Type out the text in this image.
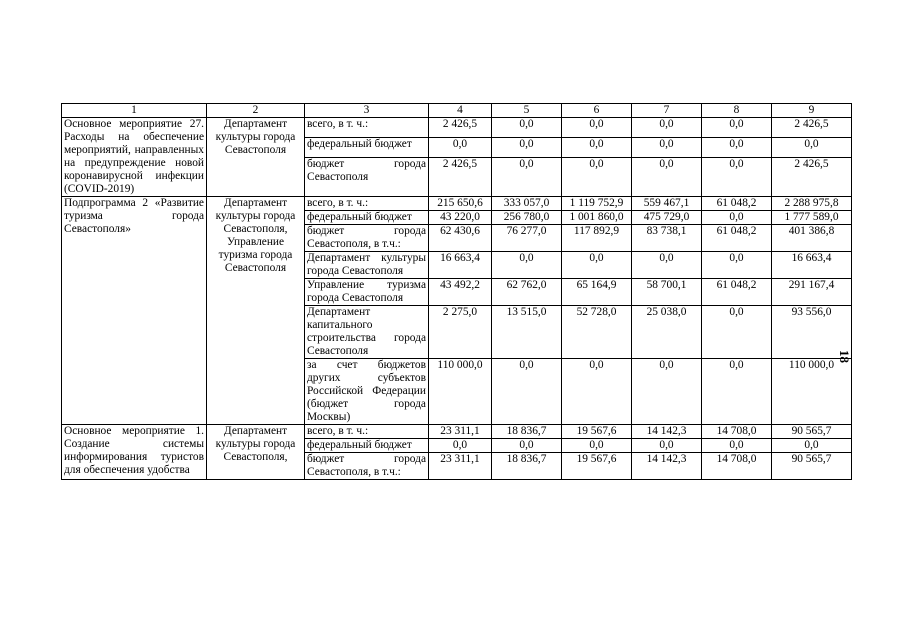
1	2	3	4	5	6	7	8	9
Основное мероприятие 27. Расходы на обеспечение мероприятий, направленных на предупреждение новой коронавирусной инфекции (COVID-2019)	Департамент культуры города Севастополя	всего, в т. ч.:	2 426,5	0,0	0,0	0,0	0,0	2 426,5
		федеральный бюджет	0,0	0,0	0,0	0,0	0,0	0,0
		бюджет города Севастополя	2 426,5	0,0	0,0	0,0	0,0	2 426,5
Подпрограмма 2 «Развитие туризма города Севастополя»	Департамент культуры города Севастополя, Управление туризма города Севастополя	всего, в т. ч.:	215 650,6	333 057,0	1 119 752,9	559 467,1	61 048,2	2 288 975,8
		федеральный бюджет	43 220,0	256 780,0	1 001 860,0	475 729,0	0,0	1 777 589,0
		бюджет города Севастополя, в т.ч.:	62 430,6	76 277,0	117 892,9	83 738,1	61 048,2	401 386,8
		Департамент культуры города Севастополя	16 663,4	0,0	0,0	0,0	0,0	16 663,4
		Управление туризма города Севастополя	43 492,2	62 762,0	65 164,9	58 700,1	61 048,2	291 167,4
		Департамент капитального строительства города Севастополя	2 275,0	13 515,0	52 728,0	25 038,0	0,0	93 556,0
		за счет бюджетов других субъектов Российской Федерации (бюджет города Москвы)	110 000,0	0,0	0,0	0,0	0,0	110 000,0
Основное мероприятие 1. Создание системы информирования туристов для обеспечения удобства	Департамент культуры города Севастополя,	всего, в т. ч.:	23 311,1	18 836,7	19 567,6	14 142,3	14 708,0	90 565,7
		федеральный бюджет	0,0	0,0	0,0	0,0	0,0	0,0
		бюджет города Севастополя, в т.ч.:	23 311,1	18 836,7	19 567,6	14 142,3	14 708,0	90 565,7
18
